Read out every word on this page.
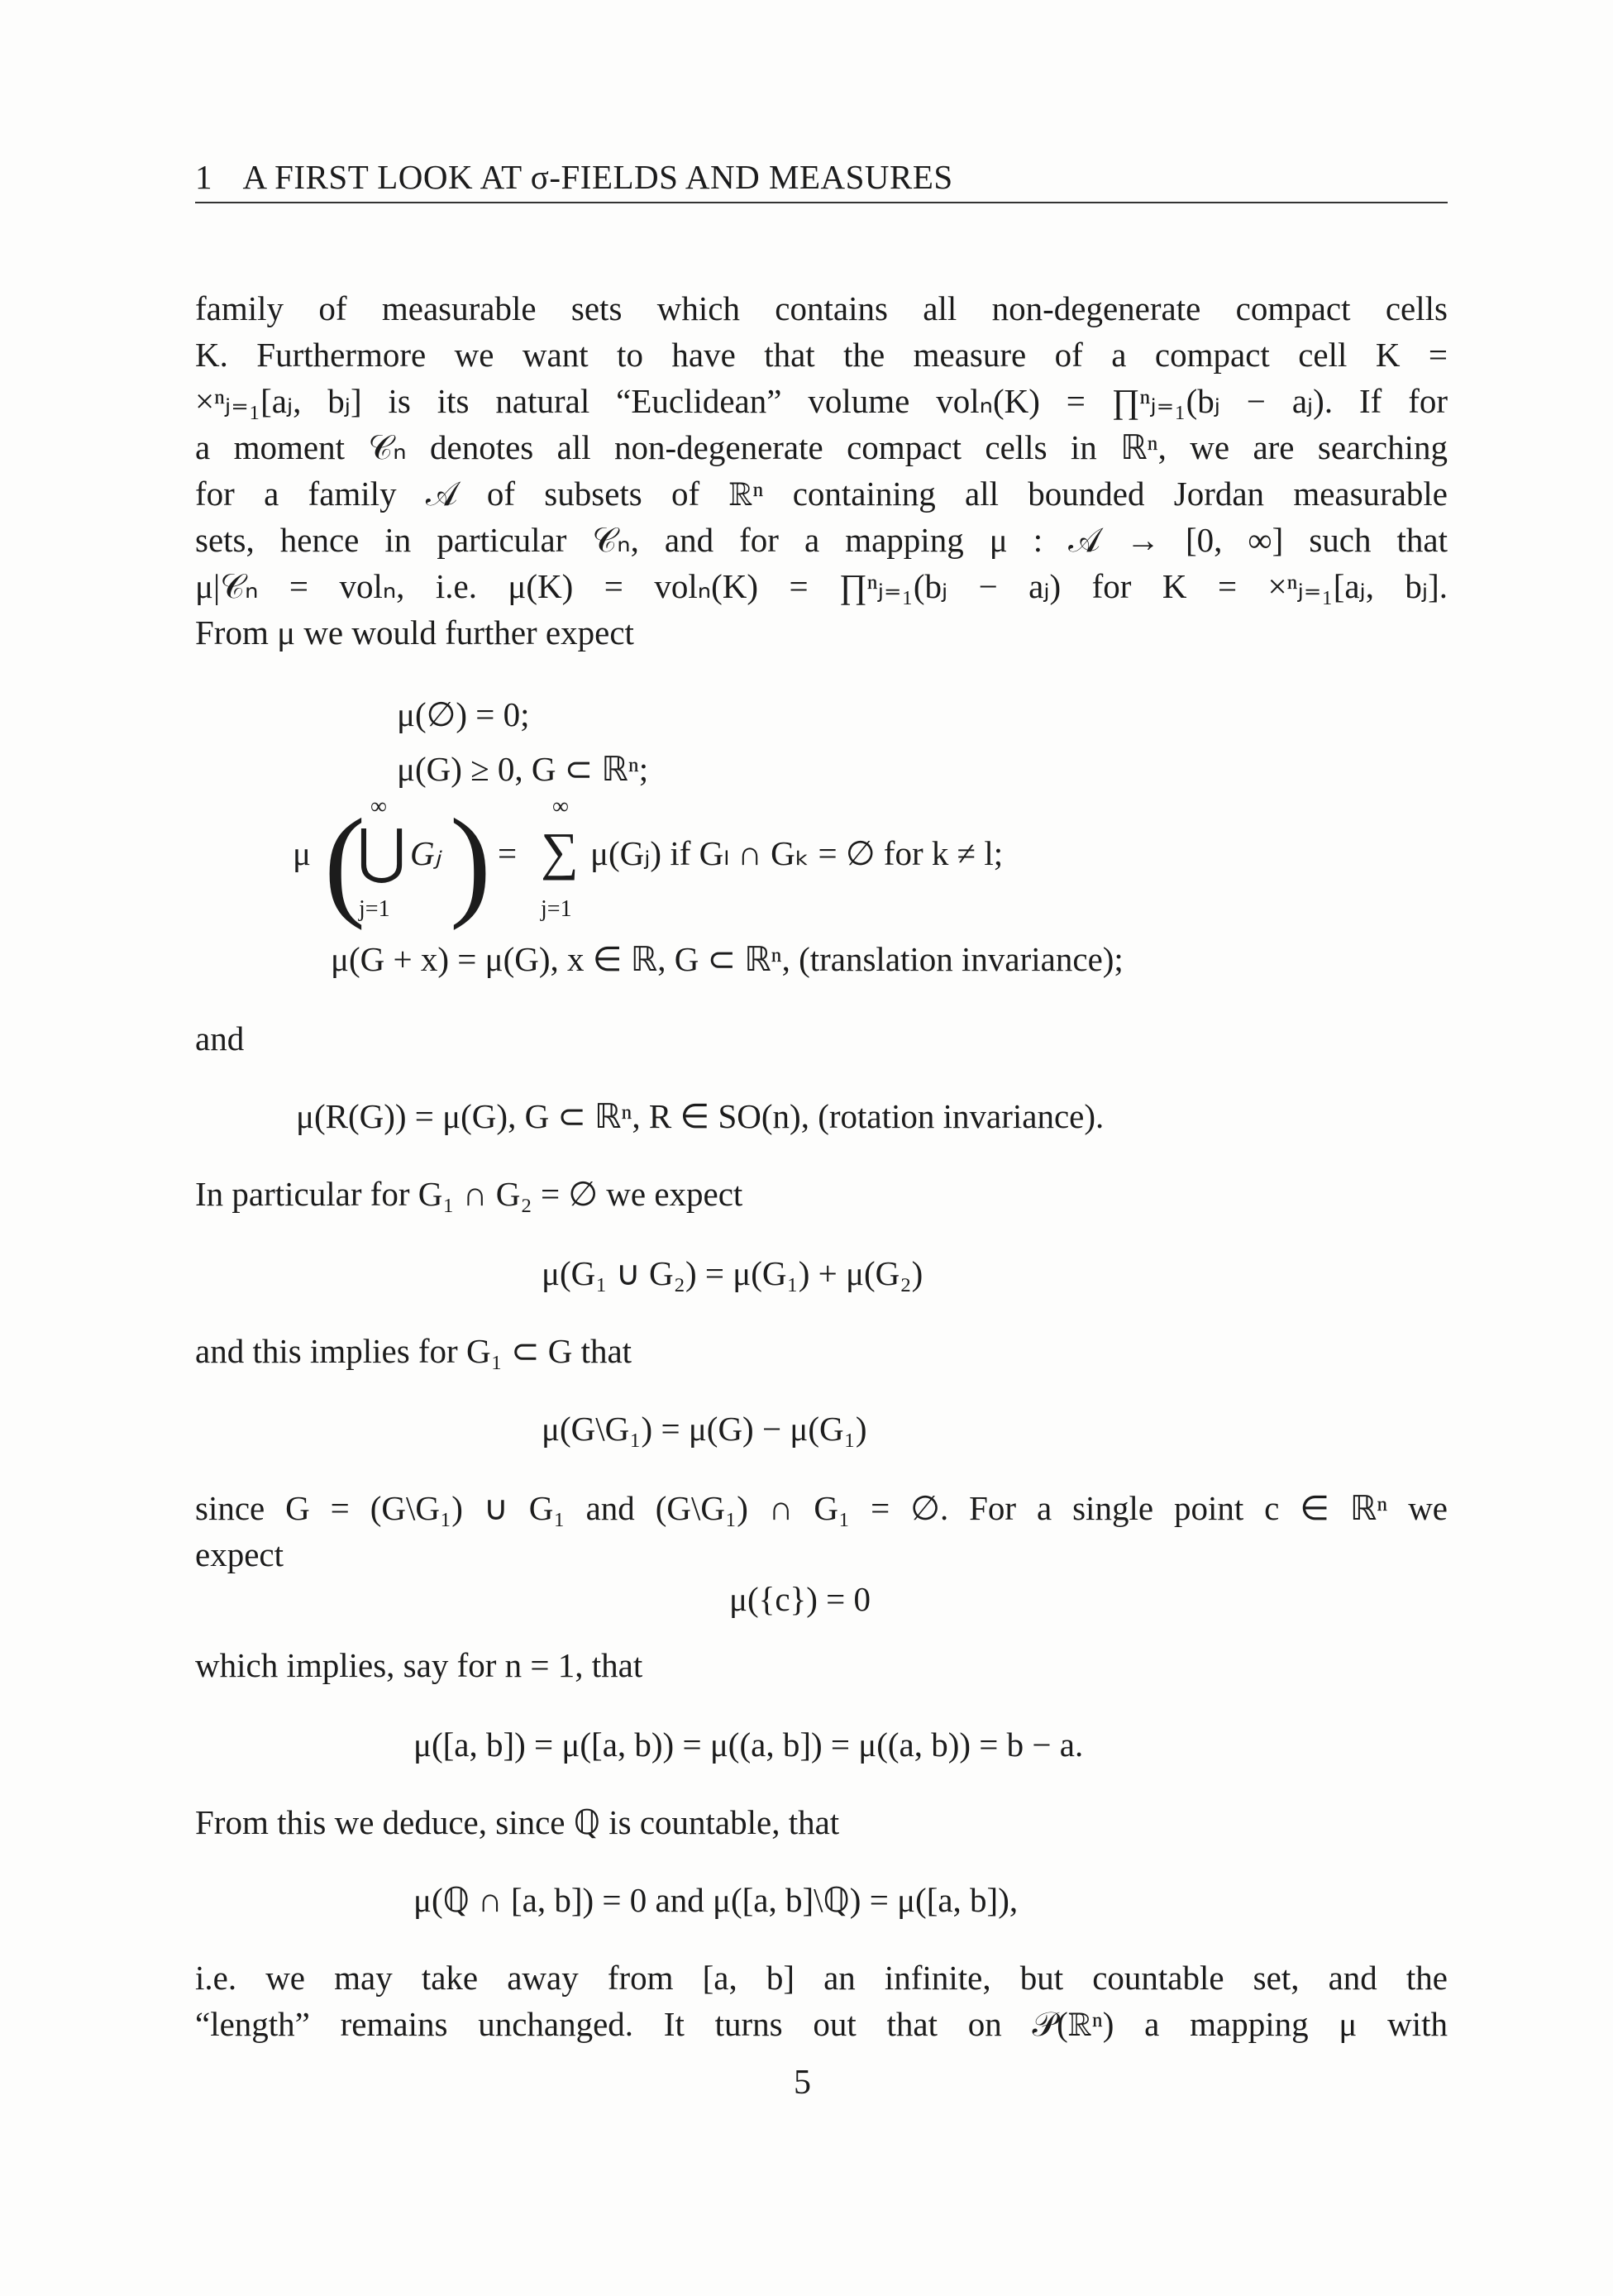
1 A FIRST LOOK AT σ-FIELDS AND MEASURES
family of measurable sets which contains all non-degenerate compact cells
K. Furthermore we want to have that the measure of a compact cell K =
×ⁿⱼ₌₁[aⱼ, bⱼ] is its natural “Euclidean” volume volₙ(K) = ∏ⁿⱼ₌₁(bⱼ − aⱼ). If for
a moment 𝒞ₙ denotes all non-degenerate compact cells in ℝⁿ, we are searching
for a family 𝒜 of subsets of ℝⁿ containing all bounded Jordan measurable
sets, hence in particular 𝒞ₙ, and for a mapping μ : 𝒜 → [0, ∞] such that
μ|𝒞ₙ = volₙ, i.e. μ(K) = volₙ(K) = ∏ⁿⱼ₌₁(bⱼ − aⱼ) for K = ×ⁿⱼ₌₁[aⱼ, bⱼ].
From μ we would further expect
μ(∅) = 0;
μ(G) ≥ 0, G ⊂ ℝⁿ;
μ ( ∞
⋃ Gⱼ
j=1 ) =
∞
∑
j=1
μ(Gⱼ) if Gₗ ∩ Gₖ = ∅ for k ≠ l;
μ(G + x) = μ(G), x ∈ ℝ, G ⊂ ℝⁿ, (translation invariance);
and
μ(R(G)) = μ(G), G ⊂ ℝⁿ, R ∈ SO(n), (rotation invariance).
In particular for G₁ ∩ G₂ = ∅ we expect
μ(G₁ ∪ G₂) = μ(G₁) + μ(G₂)
and this implies for G₁ ⊂ G that
μ(G\G₁) = μ(G) − μ(G₁)
since G = (G\G₁) ∪ G₁ and (G\G₁) ∩ G₁ = ∅. For a single point c ∈ ℝⁿ we
expect
μ({c}) = 0
which implies, say for n = 1, that
μ([a, b]) = μ([a, b)) = μ((a, b]) = μ((a, b)) = b − a.
From this we deduce, since ℚ is countable, that
μ(ℚ ∩ [a, b]) = 0 and μ([a, b]\ℚ) = μ([a, b]),
i.e. we may take away from [a, b] an infinite, but countable set, and the
“length” remains unchanged. It turns out that on 𝒫(ℝⁿ) a mapping μ with
5
